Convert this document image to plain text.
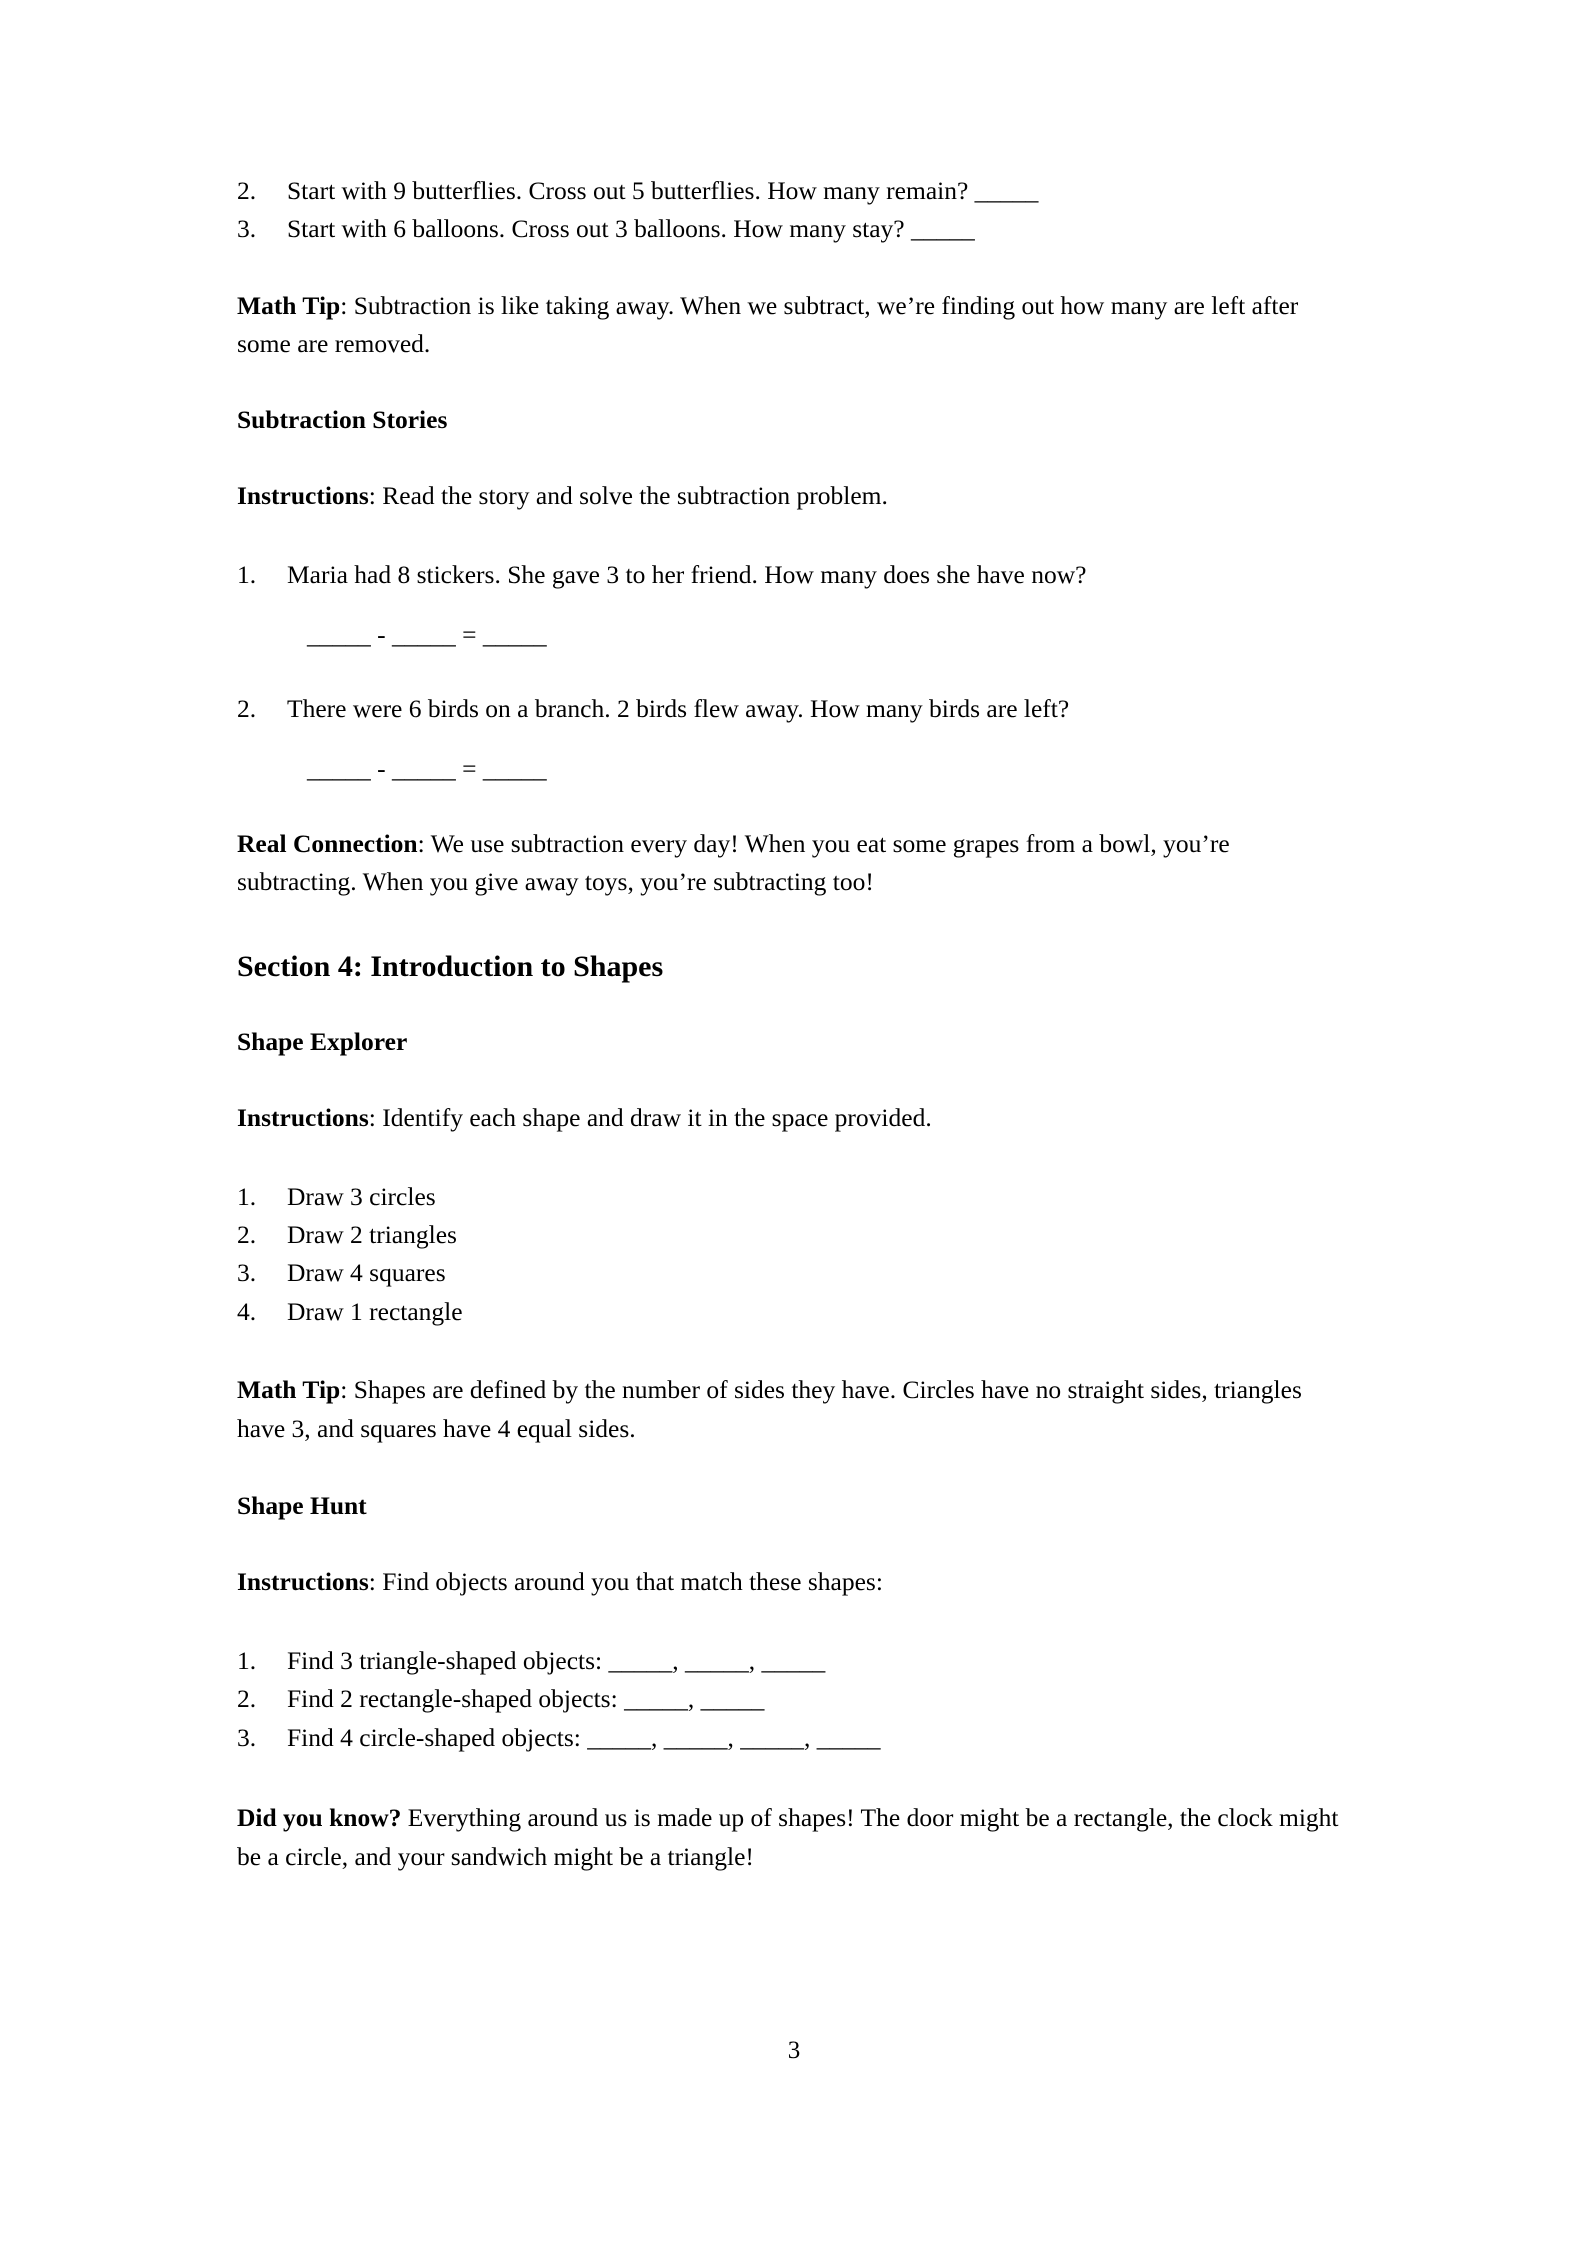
2.	Start with 9 butterflies. Cross out 5 butterflies. How many remain? _____
3.	Start with 6 balloons. Cross out 3 balloons. How many stay? _____

Math Tip: Subtraction is like taking away. When we subtract, we’re finding out how many are left after some are removed.

Subtraction Stories

Instructions: Read the story and solve the subtraction problem.

1.	Maria had 8 stickers. She gave 3 to her friend. How many does she have now?
_____ - _____ = _____
2.	There were 6 birds on a branch. 2 birds flew away. How many birds are left?
_____ - _____ = _____

Real Connection: We use subtraction every day! When you eat some grapes from a bowl, you’re subtracting. When you give away toys, you’re subtracting too!

Section 4: Introduction to Shapes
Shape Explorer

Instructions: Identify each shape and draw it in the space provided.

1.	Draw 3 circles
2.	Draw 2 triangles
3.	Draw 4 squares
4.	Draw 1 rectangle

Math Tip: Shapes are defined by the number of sides they have. Circles have no straight sides, triangles have 3, and squares have 4 equal sides.

Shape Hunt

Instructions: Find objects around you that match these shapes:

1.	Find 3 triangle-shaped objects: _____, _____, _____
2.	Find 2 rectangle-shaped objects: _____, _____
3.	Find 4 circle-shaped objects: _____, _____, _____, _____

Did you know? Everything around us is made up of shapes! The door might be a rectangle, the clock might be a circle, and your sandwich might be a triangle!

3
